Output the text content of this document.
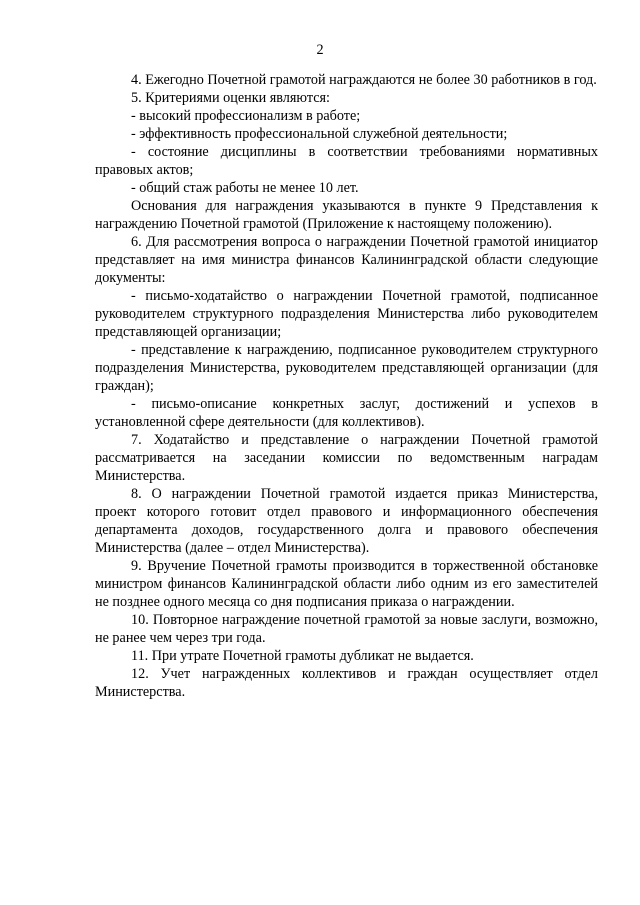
2

4. Ежегодно Почетной грамотой награждаются не более 30 работников в год.

5. Критериями оценки являются:

- высокий профессионализм в работе;

- эффективность профессиональной служебной деятельности;

- состояние дисциплины в соответствии требованиями нормативных правовых актов;

- общий стаж работы не менее 10 лет.

Основания для награждения указываются в пункте 9 Представления к награждению Почетной грамотой (Приложение к настоящему положению).

6. Для рассмотрения вопроса о награждении Почетной грамотой инициатор представляет на имя министра финансов Калининградской области следующие документы:

- письмо-ходатайство о награждении Почетной грамотой, подписанное руководителем структурного подразделения Министерства либо руководителем представляющей организации;

- представление к награждению, подписанное руководителем структурного подразделения Министерства, руководителем представляющей организации (для граждан);

- письмо-описание конкретных заслуг, достижений и успехов в установленной сфере деятельности (для коллективов).

7. Ходатайство и представление о награждении Почетной грамотой рассматривается на заседании комиссии по ведомственным наградам Министерства.

8. О награждении Почетной грамотой издается приказ Министерства, проект которого готовит отдел правового и информационного обеспечения департамента доходов, государственного долга и правового обеспечения Министерства (далее – отдел Министерства).

9. Вручение Почетной грамоты производится в торжественной обстановке министром финансов Калининградской области либо одним из его заместителей не позднее одного месяца со дня подписания приказа о награждении.

10. Повторное награждение почетной грамотой за новые заслуги, возможно, не ранее чем через три года.

11. При утрате Почетной грамоты дубликат не выдается.

12. Учет награжденных коллективов и граждан осуществляет отдел Министерства.
